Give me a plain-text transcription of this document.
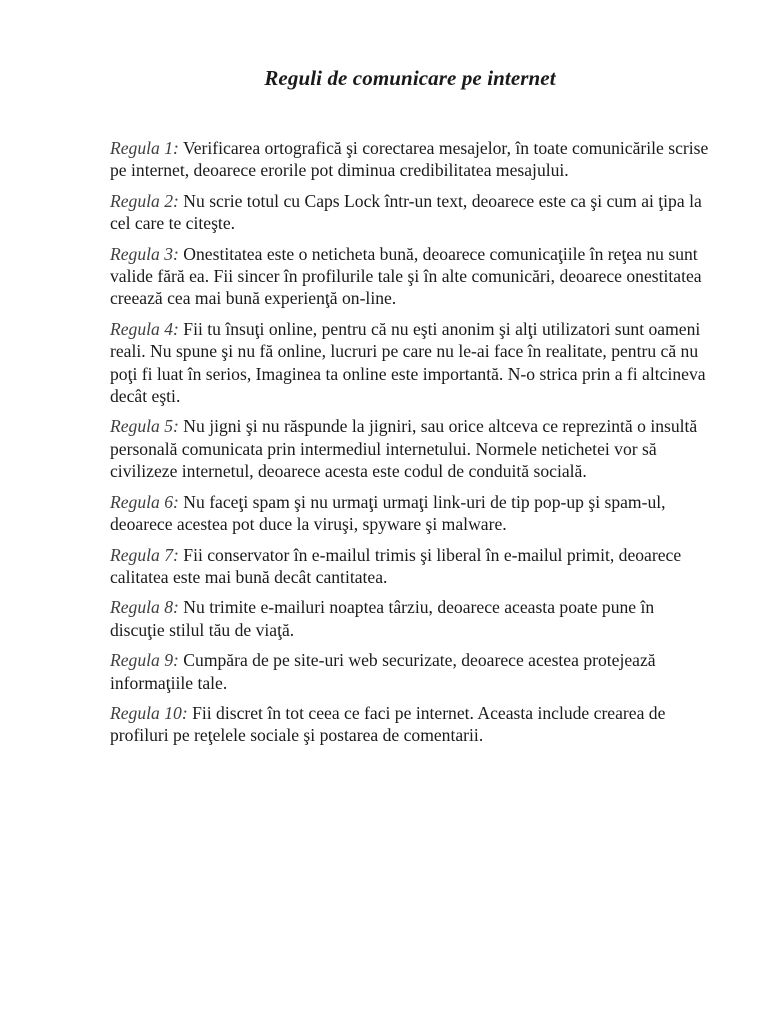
Reguli de comunicare pe internet

Regula 1: Verificarea ortografică şi corectarea mesajelor, în toate comunicările scrise pe internet, deoarece erorile pot diminua credibilitatea mesajului.

Regula 2: Nu scrie totul cu Caps Lock într-un text, deoarece este ca şi cum ai ţipa la cel care te citeşte.

Regula 3: Onestitatea este o neticheta bună, deoarece comunicaţiile în reţea nu sunt valide fără ea. Fii sincer în profilurile tale şi în alte comunicări, deoarece onestitatea creează cea mai bună experienţă on-line.

Regula 4: Fii tu însuţi online, pentru că nu eşti anonim şi alţi utilizatori sunt oameni reali. Nu spune şi nu fă online, lucruri pe care nu le-ai face în realitate, pentru că nu poţi fi luat în serios, Imaginea ta online este importantă. N-o strica prin a fi altcineva decât eşti.

Regula 5: Nu jigni şi nu răspunde la jigniri, sau orice altceva ce reprezintă o insultă personală comunicata prin intermediul internetului. Normele netichetei vor să civilizeze internetul, deoarece acesta este codul de conduită socială.

Regula 6: Nu faceţi spam şi nu urmaţi urmaţi link-uri de tip pop-up şi spam-ul, deoarece acestea pot duce la viruşi, spyware şi malware.

Regula 7: Fii conservator în e-mailul trimis şi liberal în e-mailul primit, deoarece calitatea este mai bună decât cantitatea.

Regula 8: Nu trimite e-mailuri noaptea târziu, deoarece aceasta poate pune în discuţie stilul tău de viaţă.

Regula 9: Cumpăra de pe site-uri web securizate, deoarece acestea protejează informaţiile tale.

Regula 10: Fii discret în tot ceea ce faci pe internet. Aceasta include crearea de profiluri pe reţelele sociale şi postarea de comentarii.
